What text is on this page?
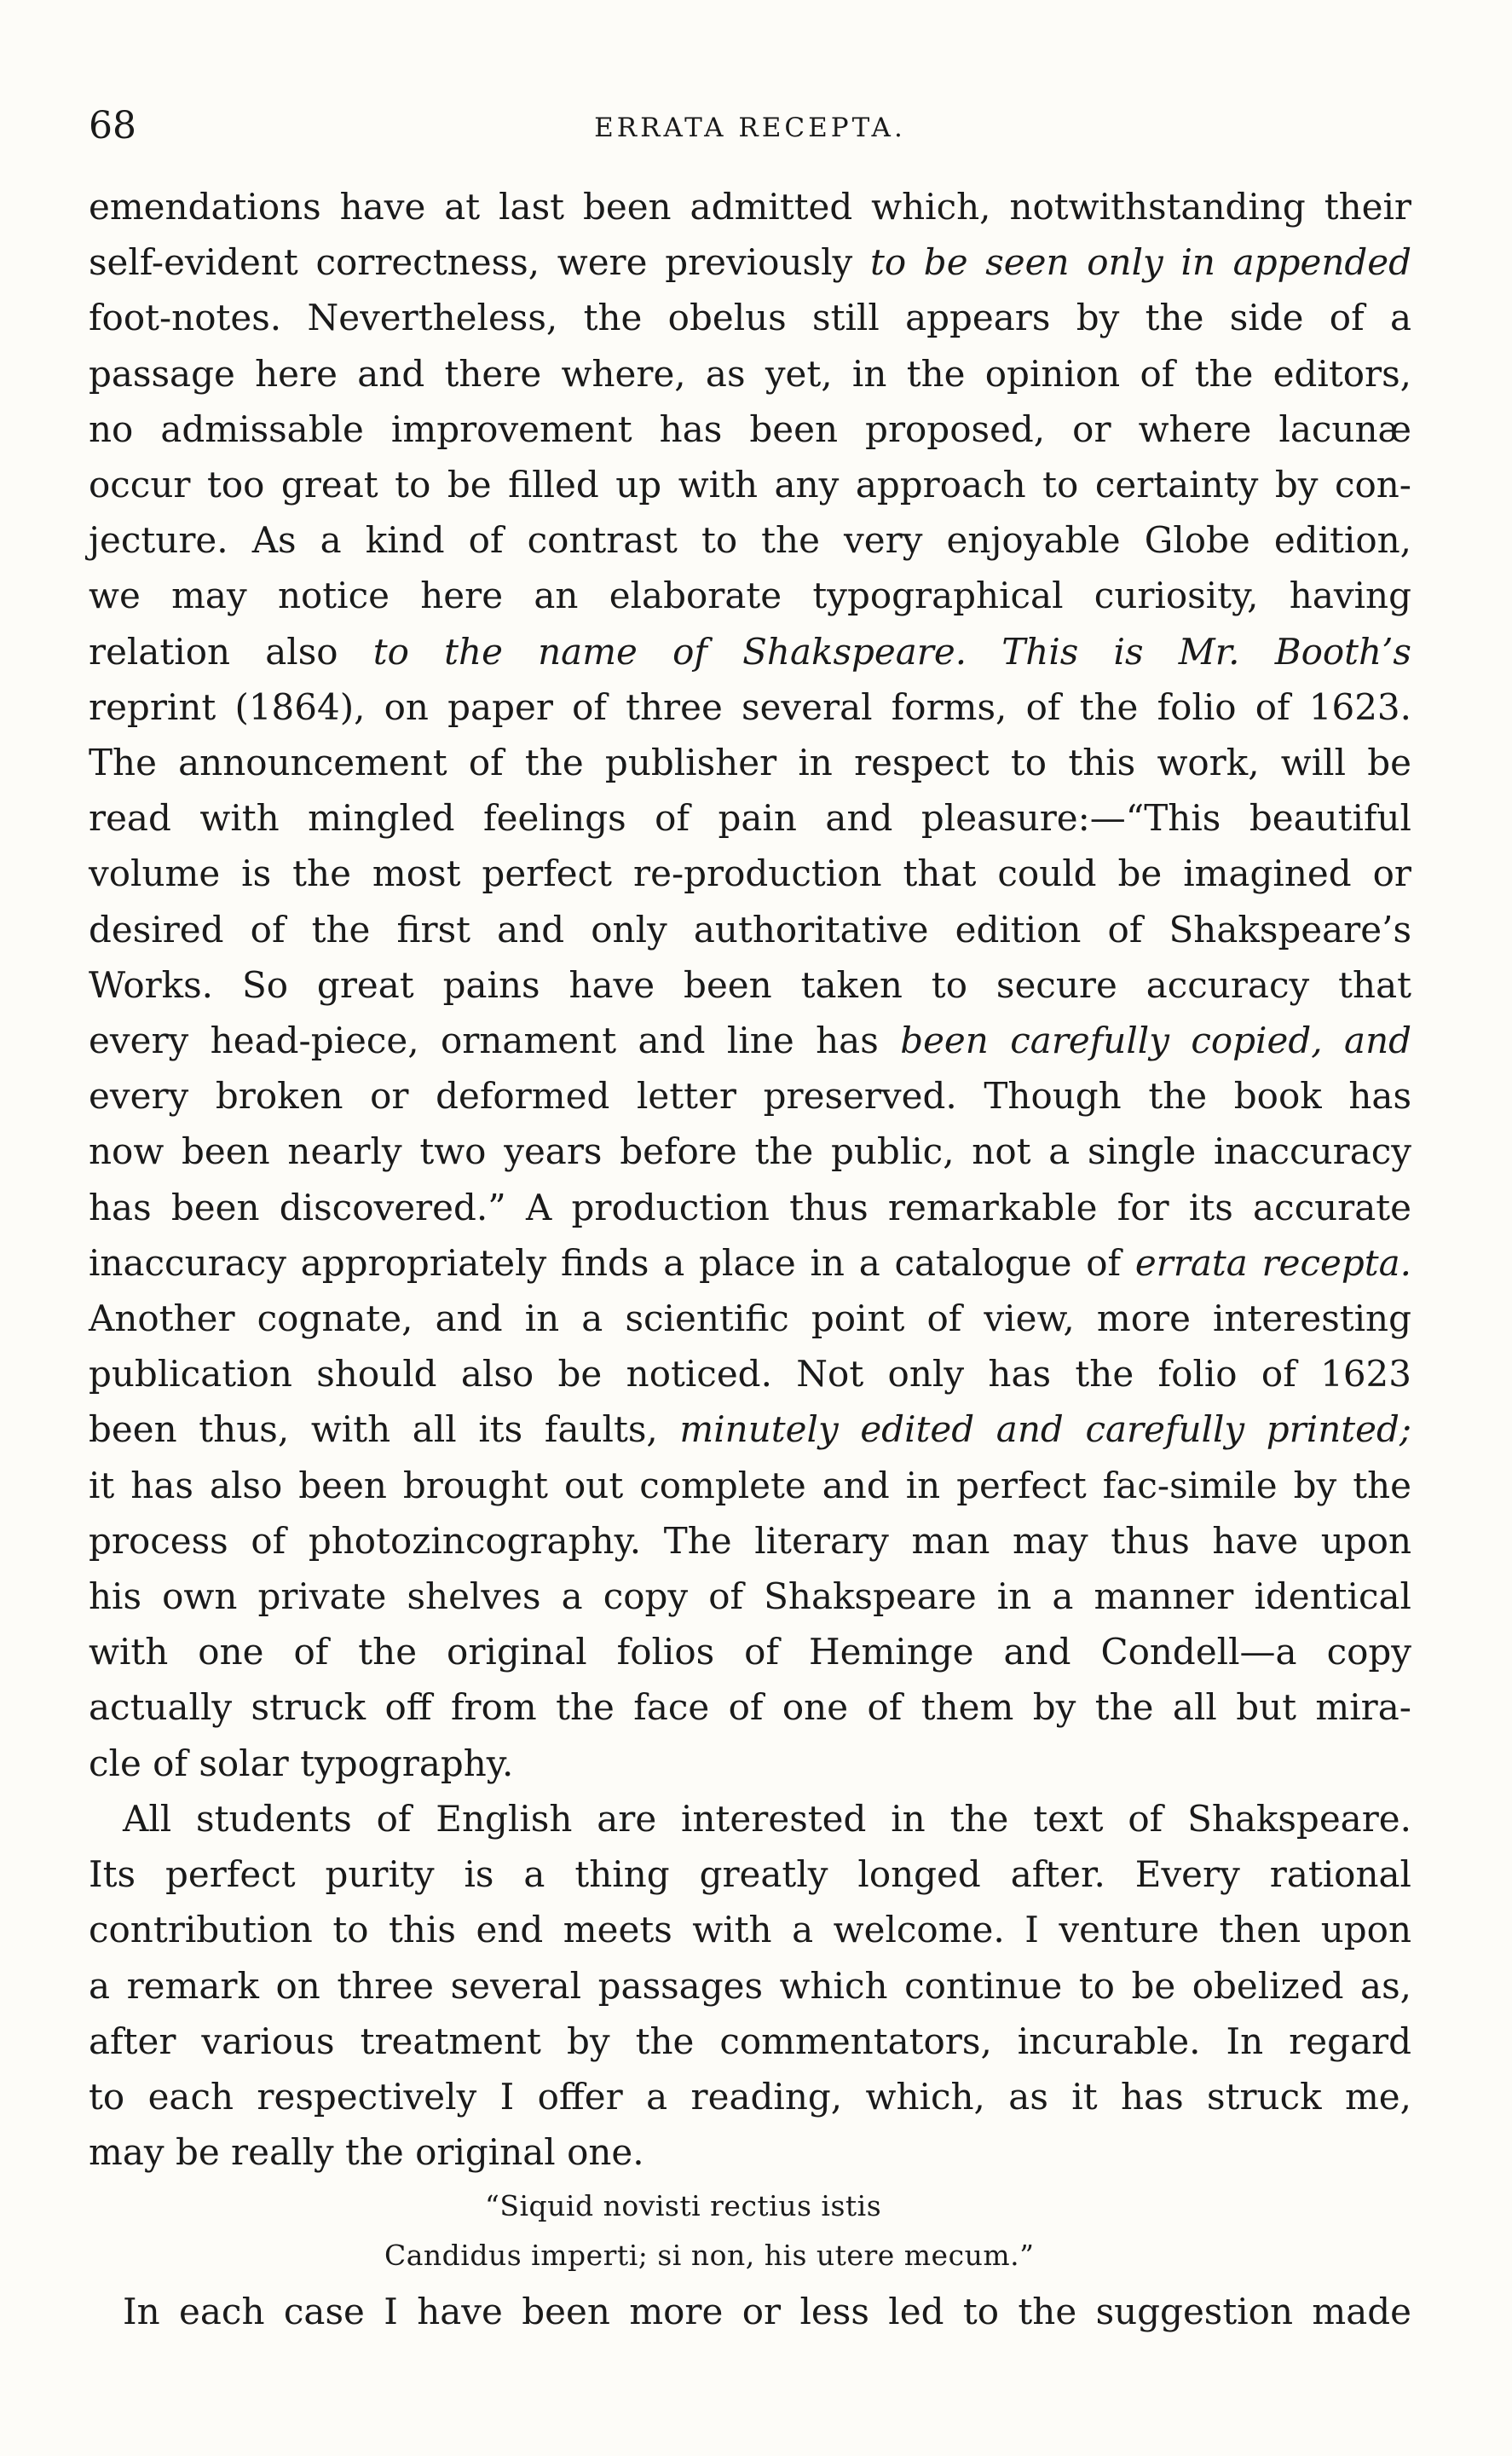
68	ERRATA RECEPTA.
emendations have at last been admitted which, notwithstanding their
self-evident correctness, were previously to be seen only in appended
foot-notes. Nevertheless, the obelus still appears by the side of a
passage here and there where, as yet, in the opinion of the editors,
no admissable improvement has been proposed, or where lacunæ
occur too great to be filled up with any approach to certainty by con-
jecture. As a kind of contrast to the very enjoyable Globe edition,
we may notice here an elaborate typographical curiosity, having
relation also to the name of Shakspeare. This is Mr. Booth’s
reprint (1864), on paper of three several forms, of the folio of 1623.
The announcement of the publisher in respect to this work, will be
read with mingled feelings of pain and pleasure:—“This beautiful
volume is the most perfect re-production that could be imagined or
desired of the first and only authoritative edition of Shakspeare’s
Works. So great pains have been taken to secure accuracy that
every head-piece, ornament and line has been carefully copied, and
every broken or deformed letter preserved. Though the book has
now been nearly two years before the public, not a single inaccuracy
has been discovered.” A production thus remarkable for its accurate
inaccuracy appropriately finds a place in a catalogue of errata recepta.
Another cognate, and in a scientific point of view, more interesting
publication should also be noticed. Not only has the folio of 1623
been thus, with all its faults, minutely edited and carefully printed;
it has also been brought out complete and in perfect fac-simile by the
process of photozincography. The literary man may thus have upon
his own private shelves a copy of Shakspeare in a manner identical
with one of the original folios of Heminge and Condell—a copy
actually struck off from the face of one of them by the all but mira-
cle of solar typography.
All students of English are interested in the text of Shakspeare.
Its perfect purity is a thing greatly longed after. Every rational
contribution to this end meets with a welcome. I venture then upon
a remark on three several passages which continue to be obelized as,
after various treatment by the commentators, incurable. In regard
to each respectively I offer a reading, which, as it has struck me,
may be really the original one.
“Siquid novisti rectius istis
Candidus imperti; si non, his utere mecum.”
In each case I have been more or less led to the suggestion made
